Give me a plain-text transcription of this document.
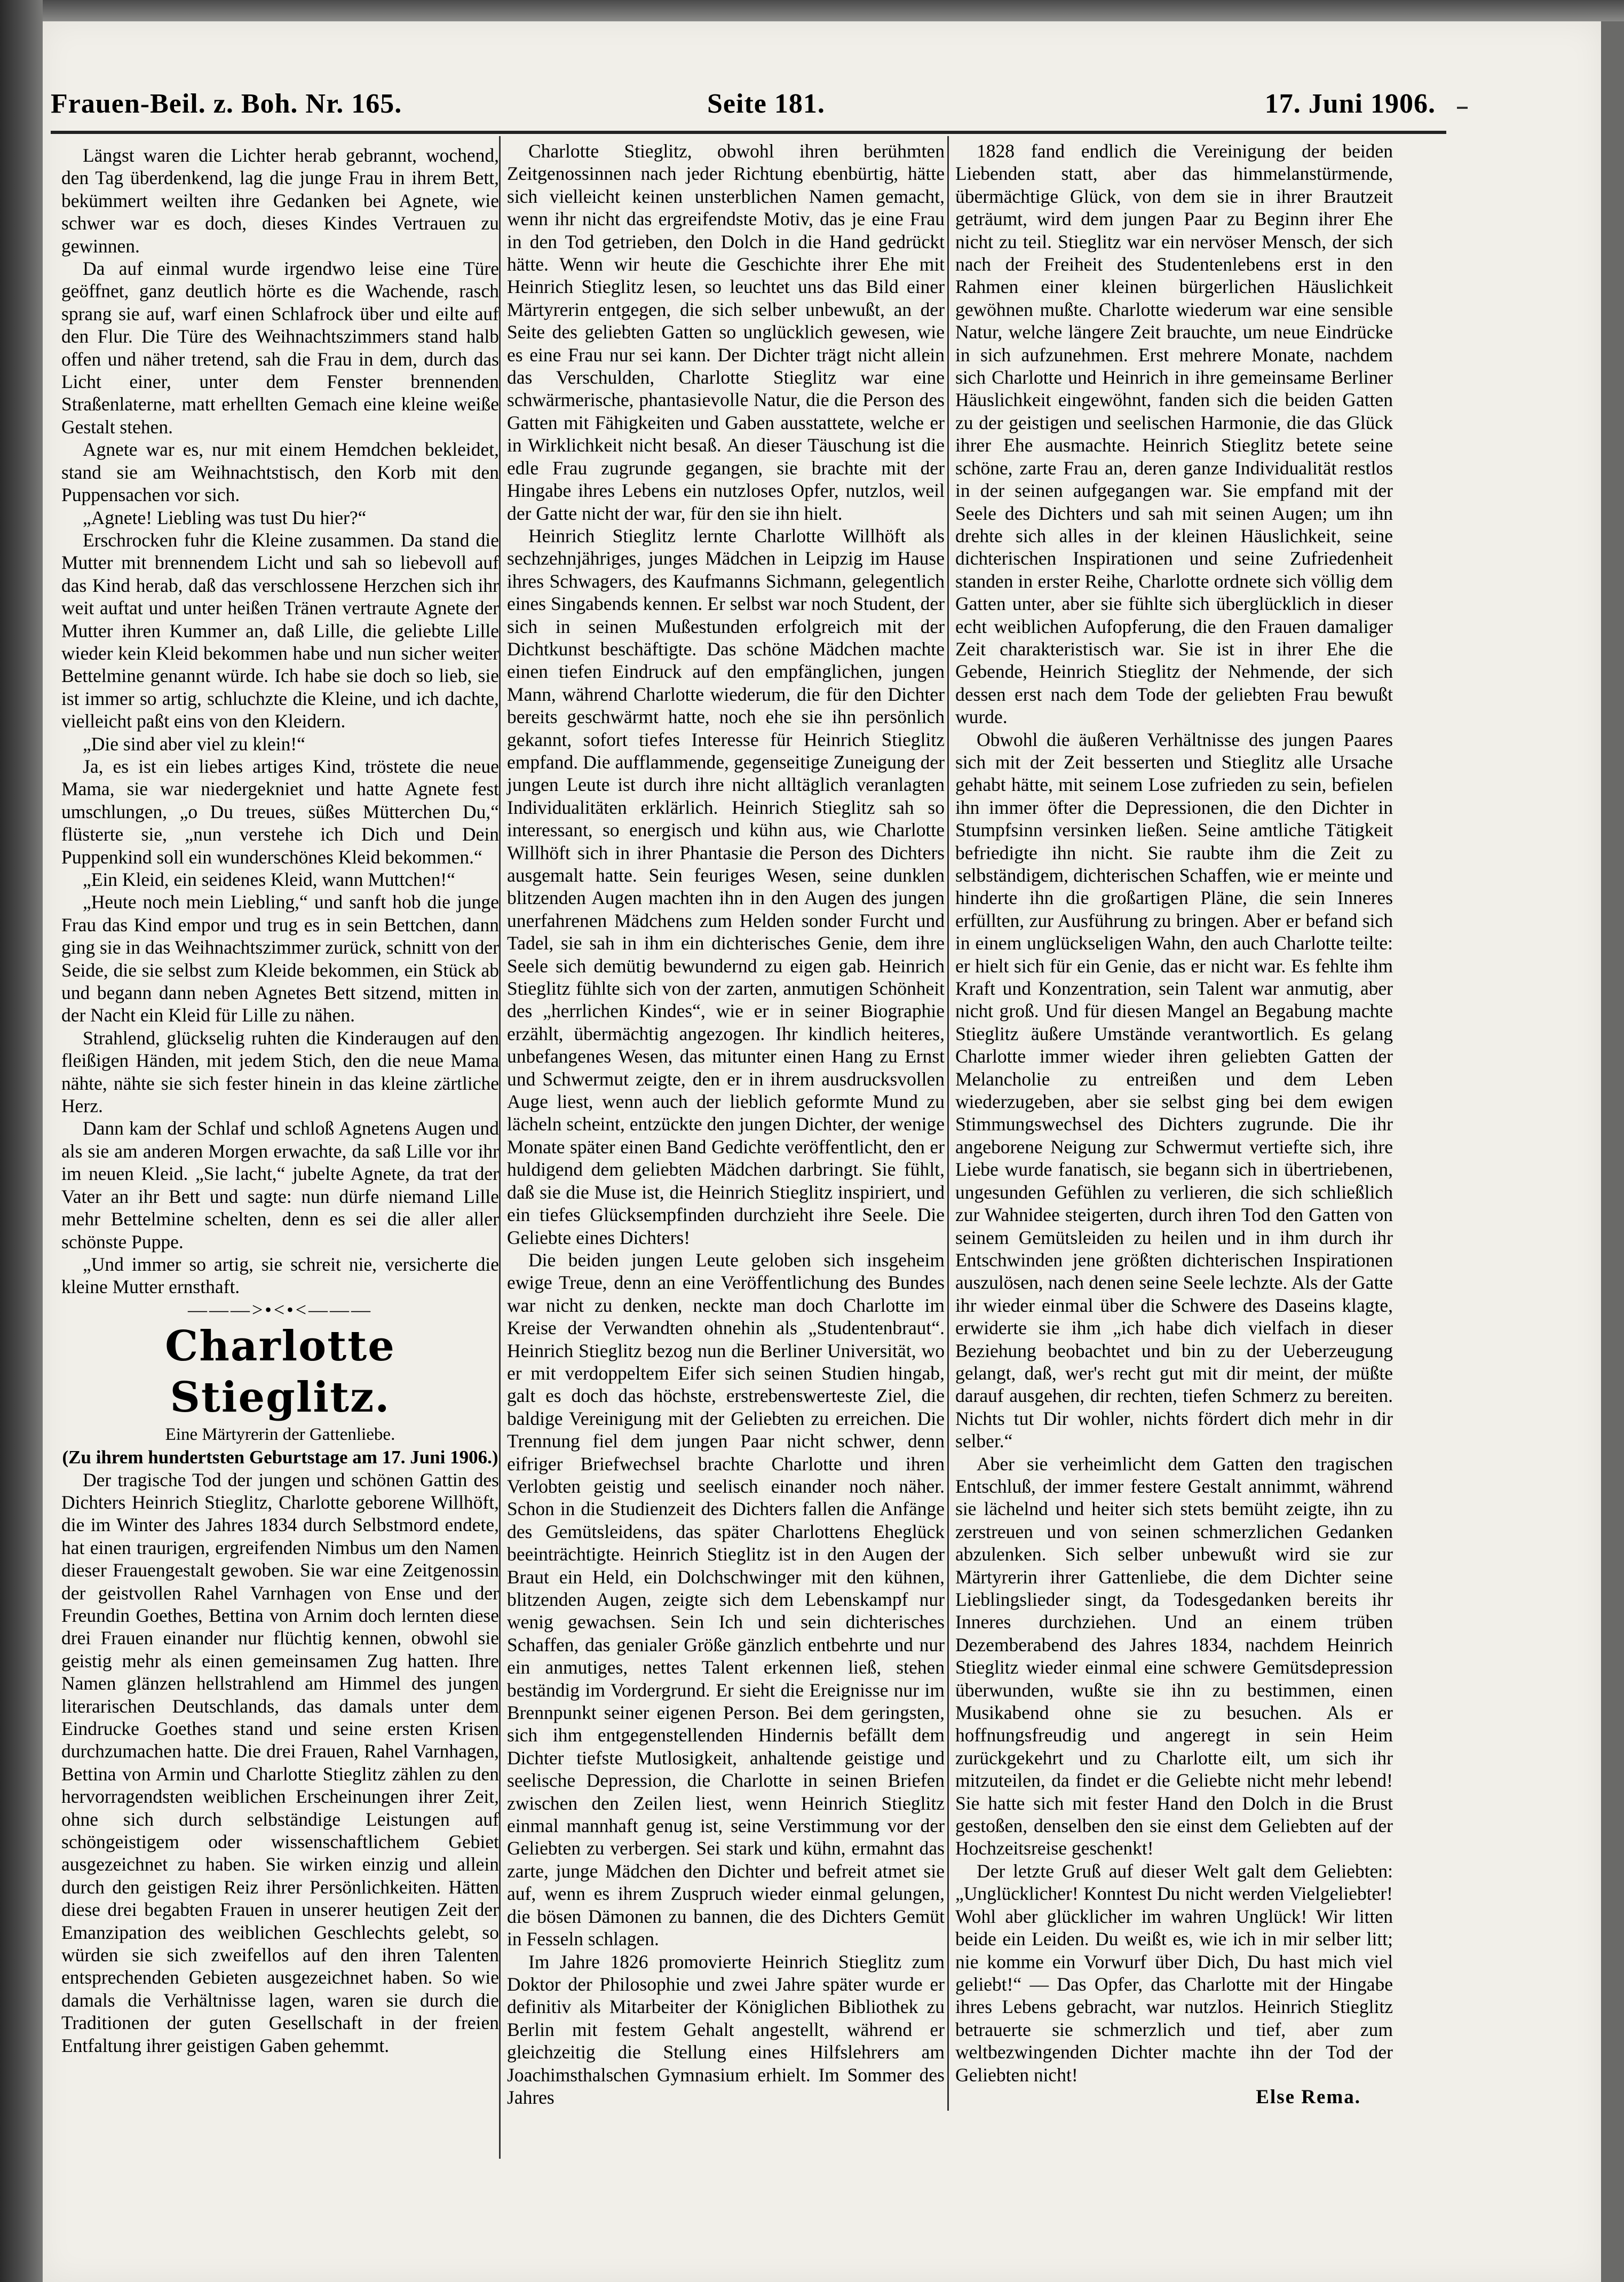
Frauen-Beil. z. Boh. Nr. 165.	Seite 181.	17. Juni 1906.

Längst waren die Lichter herab gebrannt, wochend, den Tag überdenkend, lag die junge Frau in ihrem Bett, bekümmert weilten ihre Gedanken bei Agnete, wie schwer war es doch, dieses Kindes Vertrauen zu gewinnen.

Da auf einmal wurde irgendwo leise eine Türe geöffnet, ganz deutlich hörte es die Wachende, rasch sprang sie auf, warf einen Schlafrock über und eilte auf den Flur. Die Türe des Weihnachtszimmers stand halb offen und näher tretend, sah die Frau in dem, durch das Licht einer, unter dem Fenster brennenden Straßenlaterne, matt erhellten Gemach eine kleine weiße Gestalt stehen.

Agnete war es, nur mit einem Hemdchen bekleidet, stand sie am Weihnachtstisch, den Korb mit den Puppensachen vor sich.

„Agnete! Liebling was tust Du hier?“

Erschrocken fuhr die Kleine zusammen. Da stand die Mutter mit brennendem Licht und sah so liebevoll auf das Kind herab, daß das verschlossene Herzchen sich ihr weit auftat und unter heißen Tränen vertraute Agnete der Mutter ihren Kummer an, daß Lille, die geliebte Lille wieder kein Kleid bekommen habe und nun sicher weiter Bettelmine genannt würde. Ich habe sie doch so lieb, sie ist immer so artig, schluchzte die Kleine, und ich dachte, vielleicht paßt eins von den Kleidern.

„Die sind aber viel zu klein!“

Ja, es ist ein liebes artiges Kind, tröstete die neue Mama, sie war niedergekniet und hatte Agnete fest umschlungen, „o Du treues, süßes Mütterchen Du,“ flüsterte sie, „nun verstehe ich Dich und Dein Puppenkind soll ein wunderschönes Kleid bekommen.“

„Ein Kleid, ein seidenes Kleid, wann Muttchen!“

„Heute noch mein Liebling,“ und sanft hob die junge Frau das Kind empor und trug es in sein Bettchen, dann ging sie in das Weihnachtszimmer zurück, schnitt von der Seide, die sie selbst zum Kleide bekommen, ein Stück ab und begann dann neben Agnetes Bett sitzend, mitten in der Nacht ein Kleid für Lille zu nähen.

Strahlend, glückselig ruhten die Kinderaugen auf den fleißigen Händen, mit jedem Stich, den die neue Mama nähte, nähte sie sich fester hinein in das kleine zärtliche Herz.

Dann kam der Schlaf und schloß Agnetens Augen und als sie am anderen Morgen erwachte, da saß Lille vor ihr im neuen Kleid. „Sie lacht,“ jubelte Agnete, da trat der Vater an ihr Bett und sagte: nun dürfe niemand Lille mehr Bettelmine schelten, denn es sei die aller aller schönste Puppe.

„Und immer so artig, sie schreit nie, versicherte die kleine Mutter ernsthaft.

———>•<•<———

Charlotte Stieglitz.

Eine Märtyrerin der Gattenliebe.

(Zu ihrem hundertsten Geburtstage am 17. Juni 1906.)

Der tragische Tod der jungen und schönen Gattin des Dichters Heinrich Stieglitz, Charlotte geborene Willhöft, die im Winter des Jahres 1834 durch Selbstmord endete, hat einen traurigen, ergreifenden Nimbus um den Namen dieser Frauengestalt gewoben. Sie war eine Zeitgenossin der geistvollen Rahel Varnhagen von Ense und der Freundin Goethes, Bettina von Arnim doch lernten diese drei Frauen einander nur flüchtig kennen, obwohl sie geistig mehr als einen gemeinsamen Zug hatten. Ihre Namen glänzen hellstrahlend am Himmel des jungen literarischen Deutschlands, das damals unter dem Eindrucke Goethes stand und seine ersten Krisen durchzumachen hatte. Die drei Frauen, Rahel Varnhagen, Bettina von Armin und Charlotte Stieglitz zählen zu den hervorragendsten weiblichen Erscheinungen ihrer Zeit, ohne sich durch selbständige Leistungen auf schöngeistigem oder wissenschaftlichem Gebiet ausgezeichnet zu haben. Sie wirken einzig und allein durch den geistigen Reiz ihrer Persönlichkeiten. Hätten diese drei begabten Frauen in unserer heutigen Zeit der Emanzipation des weiblichen Geschlechts gelebt, so würden sie sich zweifellos auf den ihren Talenten entsprechenden Gebieten ausgezeichnet haben. So wie damals die Verhältnisse lagen, waren sie durch die Traditionen der guten Gesellschaft in der freien Entfaltung ihrer geistigen Gaben gehemmt.

Charlotte Stieglitz, obwohl ihren berühmten Zeitgenossinnen nach jeder Richtung ebenbürtig, hätte sich vielleicht keinen unsterblichen Namen gemacht, wenn ihr nicht das ergreifendste Motiv, das je eine Frau in den Tod getrieben, den Dolch in die Hand gedrückt hätte. Wenn wir heute die Geschichte ihrer Ehe mit Heinrich Stieglitz lesen, so leuchtet uns das Bild einer Märtyrerin entgegen, die sich selber unbewußt, an der Seite des geliebten Gatten so unglücklich gewesen, wie es eine Frau nur sei kann. Der Dichter trägt nicht allein das Verschulden, Charlotte Stieglitz war eine schwärmerische, phantasievolle Natur, die die Person des Gatten mit Fähigkeiten und Gaben ausstattete, welche er in Wirklichkeit nicht besaß. An dieser Täuschung ist die edle Frau zugrunde gegangen, sie brachte mit der Hingabe ihres Lebens ein nutzloses Opfer, nutzlos, weil der Gatte nicht der war, für den sie ihn hielt.

Heinrich Stieglitz lernte Charlotte Willhöft als sechzehnjähriges, junges Mädchen in Leipzig im Hause ihres Schwagers, des Kaufmanns Sichmann, gelegentlich eines Singabends kennen. Er selbst war noch Student, der sich in seinen Mußestunden erfolgreich mit der Dichtkunst beschäftigte. Das schöne Mädchen machte einen tiefen Eindruck auf den empfänglichen, jungen Mann, während Charlotte wiederum, die für den Dichter bereits geschwärmt hatte, noch ehe sie ihn persönlich gekannt, sofort tiefes Interesse für Heinrich Stieglitz empfand. Die aufflammende, gegenseitige Zuneigung der jungen Leute ist durch ihre nicht alltäglich veranlagten Individualitäten erklärlich. Heinrich Stieglitz sah so interessant, so energisch und kühn aus, wie Charlotte Willhöft sich in ihrer Phantasie die Person des Dichters ausgemalt hatte. Sein feuriges Wesen, seine dunklen blitzenden Augen machten ihn in den Augen des jungen unerfahrenen Mädchens zum Helden sonder Furcht und Tadel, sie sah in ihm ein dichterisches Genie, dem ihre Seele sich demütig bewundernd zu eigen gab. Heinrich Stieglitz fühlte sich von der zarten, anmutigen Schönheit des „herrlichen Kindes“, wie er in seiner Biographie erzählt, übermächtig angezogen. Ihr kindlich heiteres, unbefangenes Wesen, das mitunter einen Hang zu Ernst und Schwermut zeigte, den er in ihrem ausdrucksvollen Auge liest, wenn auch der lieblich geformte Mund zu lächeln scheint, entzückte den jungen Dichter, der wenige Monate später einen Band Gedichte veröffentlicht, den er huldigend dem geliebten Mädchen darbringt. Sie fühlt, daß sie die Muse ist, die Heinrich Stieglitz inspiriert, und ein tiefes Glücksempfinden durchzieht ihre Seele. Die Geliebte eines Dichters!

Die beiden jungen Leute geloben sich insgeheim ewige Treue, denn an eine Veröffentlichung des Bundes war nicht zu denken, neckte man doch Charlotte im Kreise der Verwandten ohnehin als „Studentenbraut“. Heinrich Stieglitz bezog nun die Berliner Universität, wo er mit verdoppeltem Eifer sich seinen Studien hingab, galt es doch das höchste, erstrebenswerteste Ziel, die baldige Vereinigung mit der Geliebten zu erreichen. Die Trennung fiel dem jungen Paar nicht schwer, denn eifriger Briefwechsel brachte Charlotte und ihren Verlobten geistig und seelisch einander noch näher. Schon in die Studienzeit des Dichters fallen die Anfänge des Gemütsleidens, das später Charlottens Eheglück beeinträchtigte. Heinrich Stieglitz ist in den Augen der Braut ein Held, ein Dolchschwinger mit den kühnen, blitzenden Augen, zeigte sich dem Lebenskampf nur wenig gewachsen. Sein Ich und sein dichterisches Schaffen, das genialer Größe gänzlich entbehrte und nur ein anmutiges, nettes Talent erkennen ließ, stehen beständig im Vordergrund. Er sieht die Ereignisse nur im Brennpunkt seiner eigenen Person. Bei dem geringsten, sich ihm entgegenstellenden Hindernis befällt dem Dichter tiefste Mutlosigkeit, anhaltende geistige und seelische Depression, die Charlotte in seinen Briefen zwischen den Zeilen liest, wenn Heinrich Stieglitz einmal mannhaft genug ist, seine Verstimmung vor der Geliebten zu verbergen. Sei stark und kühn, ermahnt das zarte, junge Mädchen den Dichter und befreit atmet sie auf, wenn es ihrem Zuspruch wieder einmal gelungen, die bösen Dämonen zu bannen, die des Dichters Gemüt in Fesseln schlagen.

Im Jahre 1826 promovierte Heinrich Stieglitz zum Doktor der Philosophie und zwei Jahre später wurde er definitiv als Mitarbeiter der Königlichen Bibliothek zu Berlin mit festem Gehalt angestellt, während er gleichzeitig die Stellung eines Hilfslehrers am Joachimsthalschen Gymnasium erhielt. Im Sommer des Jahres

1828 fand endlich die Vereinigung der beiden Liebenden statt, aber das himmelanstürmende, übermächtige Glück, von dem sie in ihrer Brautzeit geträumt, wird dem jungen Paar zu Beginn ihrer Ehe nicht zu teil. Stieglitz war ein nervöser Mensch, der sich nach der Freiheit des Studentenlebens erst in den Rahmen einer kleinen bürgerlichen Häuslichkeit gewöhnen mußte. Charlotte wiederum war eine sensible Natur, welche längere Zeit brauchte, um neue Eindrücke in sich aufzunehmen. Erst mehrere Monate, nachdem sich Charlotte und Heinrich in ihre gemeinsame Berliner Häuslichkeit eingewöhnt, fanden sich die beiden Gatten zu der geistigen und seelischen Harmonie, die das Glück ihrer Ehe ausmachte. Heinrich Stieglitz betete seine schöne, zarte Frau an, deren ganze Individualität restlos in der seinen aufgegangen war. Sie empfand mit der Seele des Dichters und sah mit seinen Augen; um ihn drehte sich alles in der kleinen Häuslichkeit, seine dichterischen Inspirationen und seine Zufriedenheit standen in erster Reihe, Charlotte ordnete sich völlig dem Gatten unter, aber sie fühlte sich überglücklich in dieser echt weiblichen Aufopferung, die den Frauen damaliger Zeit charakteristisch war. Sie ist in ihrer Ehe die Gebende, Heinrich Stieglitz der Nehmende, der sich dessen erst nach dem Tode der geliebten Frau bewußt wurde.

Obwohl die äußeren Verhältnisse des jungen Paares sich mit der Zeit besserten und Stieglitz alle Ursache gehabt hätte, mit seinem Lose zufrieden zu sein, befielen ihn immer öfter die Depressionen, die den Dichter in Stumpfsinn versinken ließen. Seine amtliche Tätigkeit befriedigte ihn nicht. Sie raubte ihm die Zeit zu selbständigem, dichterischen Schaffen, wie er meinte und hinderte ihn die großartigen Pläne, die sein Inneres erfüllten, zur Ausführung zu bringen. Aber er befand sich in einem unglückseligen Wahn, den auch Charlotte teilte: er hielt sich für ein Genie, das er nicht war. Es fehlte ihm Kraft und Konzentration, sein Talent war anmutig, aber nicht groß. Und für diesen Mangel an Begabung machte Stieglitz äußere Umstände verantwortlich. Es gelang Charlotte immer wieder ihren geliebten Gatten der Melancholie zu entreißen und dem Leben wiederzugeben, aber sie selbst ging bei dem ewigen Stimmungswechsel des Dichters zugrunde. Die ihr angeborene Neigung zur Schwermut vertiefte sich, ihre Liebe wurde fanatisch, sie begann sich in übertriebenen, ungesunden Gefühlen zu verlieren, die sich schließlich zur Wahnidee steigerten, durch ihren Tod den Gatten von seinem Gemütsleiden zu heilen und in ihm durch ihr Entschwinden jene größten dichterischen Inspirationen auszulösen, nach denen seine Seele lechzte. Als der Gatte ihr wieder einmal über die Schwere des Daseins klagte, erwiderte sie ihm „ich habe dich vielfach in dieser Beziehung beobachtet und bin zu der Ueberzeugung gelangt, daß, wer's recht gut mit dir meint, der müßte darauf ausgehen, dir rechten, tiefen Schmerz zu bereiten. Nichts tut Dir wohler, nichts fördert dich mehr in dir selber.“

Aber sie verheimlicht dem Gatten den tragischen Entschluß, der immer festere Gestalt annimmt, während sie lächelnd und heiter sich stets bemüht zeigte, ihn zu zerstreuen und von seinen schmerzlichen Gedanken abzulenken. Sich selber unbewußt wird sie zur Märtyrerin ihrer Gattenliebe, die dem Dichter seine Lieblingslieder singt, da Todesgedanken bereits ihr Inneres durchziehen. Und an einem trüben Dezemberabend des Jahres 1834, nachdem Heinrich Stieglitz wieder einmal eine schwere Gemütsdepression überwunden, wußte sie ihn zu bestimmen, einen Musikabend ohne sie zu besuchen. Als er hoffnungsfreudig und angeregt in sein Heim zurückgekehrt und zu Charlotte eilt, um sich ihr mitzuteilen, da findet er die Geliebte nicht mehr lebend! Sie hatte sich mit fester Hand den Dolch in die Brust gestoßen, denselben den sie einst dem Geliebten auf der Hochzeitsreise geschenkt!

Der letzte Gruß auf dieser Welt galt dem Geliebten: „Unglücklicher! Konntest Du nicht werden Vielgeliebter! Wohl aber glücklicher im wahren Unglück! Wir litten beide ein Leiden. Du weißt es, wie ich in mir selber litt; nie komme ein Vorwurf über Dich, Du hast mich viel geliebt!“ — Das Opfer, das Charlotte mit der Hingabe ihres Lebens gebracht, war nutzlos. Heinrich Stieglitz betrauerte sie schmerzlich und tief, aber zum weltbezwingenden Dichter machte ihn der Tod der Geliebten nicht!

Else Rema.
